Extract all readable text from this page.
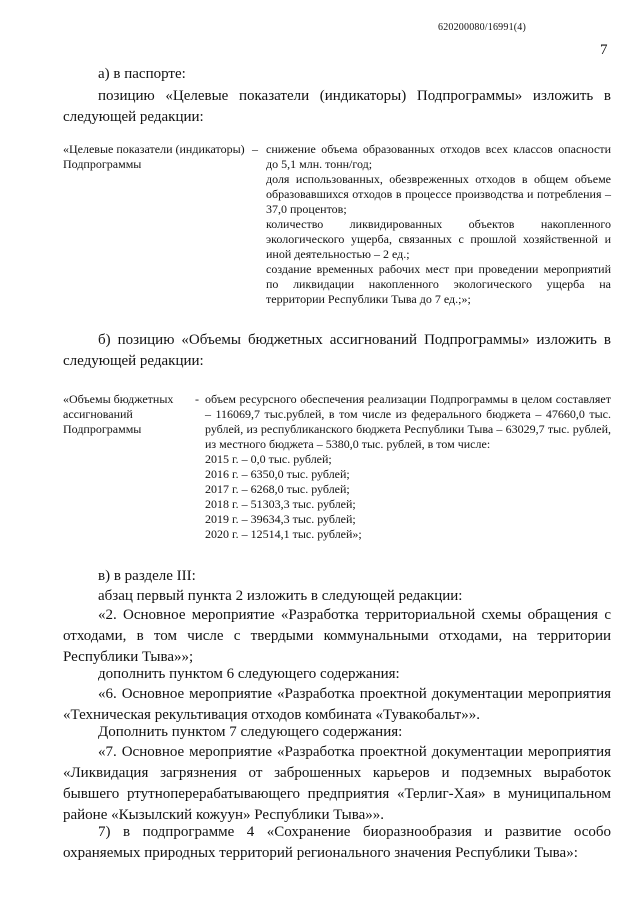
620200080/16991(4)
7

а) в паспорте:

позицию «Целевые показатели (индикаторы) Подпрограммы» изложить в следующей редакции:

«Целевые показатели (индикаторы) Подпрограммы

– снижение объема образованных отходов всех классов опасности до 5,1 млн. тонн/год;
доля использованных, обезвреженных отходов в общем объеме образовавшихся отходов в процессе производства и потребления – 37,0 процентов;
количество ликвидированных объектов накопленного экологического ущерба, связанных с прошлой хозяйственной и иной деятельностью – 2 ед.;
создание временных рабочих мест при проведении мероприятий по ликвидации накопленного экологического ущерба на территории Республики Тыва до 7 ед.;»;

б) позицию «Объемы бюджетных ассигнований Подпрограммы» изложить в следующей редакции:

«Объемы бюджетных ассигнований Подпрограммы

- объем ресурсного обеспечения реализации Подпрограммы в целом составляет – 116069,7 тыс.рублей, в том числе из федерального бюджета – 47660,0 тыс. рублей, из республиканского бюджета Республики Тыва – 63029,7 тыс. рублей, из местного бюджета – 5380,0 тыс. рублей, в том числе:
2015 г. – 0,0 тыс. рублей;
2016 г. – 6350,0 тыс. рублей;
2017 г. – 6268,0 тыс. рублей;
2018 г. – 51303,3 тыс. рублей;
2019 г. – 39634,3 тыс. рублей;
2020 г. – 12514,1 тыс. рублей»;

в) в разделе III:

абзац первый пункта 2 изложить в следующей редакции:

«2. Основное мероприятие «Разработка территориальной схемы обращения с отходами, в том числе с твердыми коммунальными отходами, на территории Республики Тыва»»;

дополнить пунктом 6 следующего содержания:

«6. Основное мероприятие «Разработка проектной документации мероприятия «Техническая рекультивация отходов комбината «Тувакобальт»».

Дополнить пунктом 7 следующего содержания:

«7. Основное мероприятие «Разработка проектной документации мероприятия «Ликвидация загрязнения от заброшенных карьеров и подземных выработок бывшего ртутноперерабатывающего предприятия «Терлиг-Хая» в муниципальном районе «Кызылский кожуун» Республики Тыва»».

7) в подпрограмме 4 «Сохранение биоразнообразия и развитие особо охраняемых природных территорий регионального значения Республики Тыва»:
